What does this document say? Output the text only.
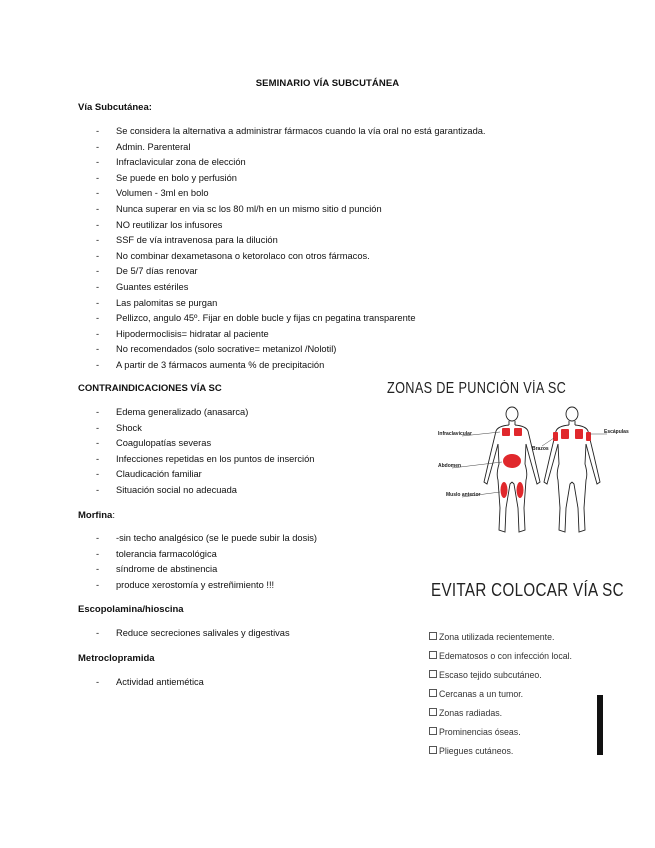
SEMINARIO VÍA SUBCUTÁNEA
Vía Subcutánea:
- Se considera la alternativa a administrar fármacos cuando la vía oral no está garantizada.
- Admin. Parenteral
- Infraclavicular zona de elección
- Se puede en bolo y perfusión
- Volumen - 3ml en bolo
- Nunca superar en via sc los 80 ml/h en un mismo sitio d punción
- NO reutilizar los infusores
- SSF de vía intravenosa para la dilución
- No combinar dexametasona o ketorolaco con otros fármacos.
- De 5/7 días renovar
- Guantes estériles
- Las palomitas se purgan
- Pellizco, angulo 45º. Fijar en doble bucle y fijas cn pegatina transparente
- Hipodermoclisis= hidratar al paciente
- No recomendados (solo socrative= metanizol /Nolotil)
- A partir de 3 fármacos aumenta % de precipitación
CONTRAINDICACIONES VÍA SC
- Edema generalizado (anasarca)
- Shock
- Coagulopatías severas
- Infecciones repetidas en los puntos de inserción
- Claudicación familiar
- Situación social no adecuada
Morfina:
- -sin techo analgésico (se le puede subir la dosis)
- tolerancia farmacológica
- síndrome de abstinencia
- produce xerostomía y estreñimiento !!!
Escopolamina/hioscina
- Reduce secreciones salivales y digestivas
Metroclopramida
- Actividad antiemética
ZONAS DE PUNCIÓN VÍA SC
Infraclavicular
Abdomen
Muslo anterior
Brazos
Escápulas
EVITAR COLOCAR VÍA SC
Zona utilizada recientemente.
Edematosos o con infección local.
Escaso tejido subcutáneo.
Cercanas a un tumor.
Zonas radiadas.
Prominencias óseas.
Pliegues cutáneos.
